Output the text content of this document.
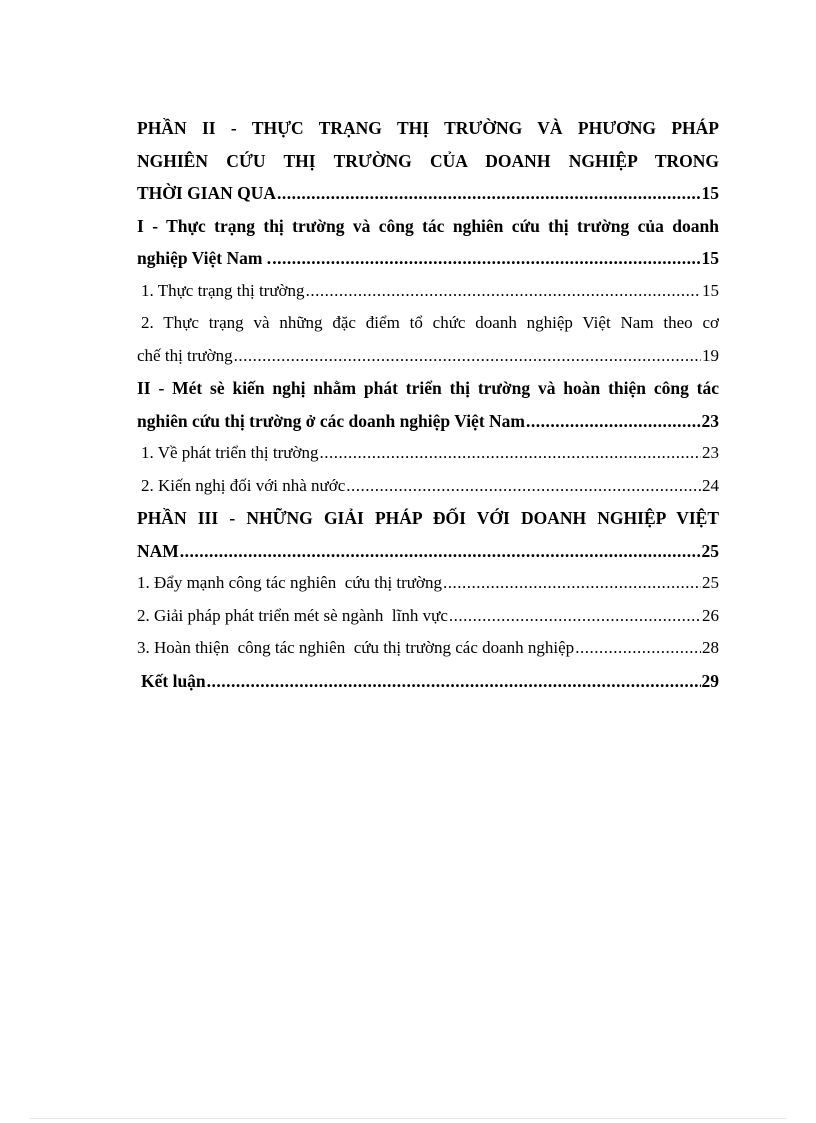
PHẦN II - THỰC TRẠNG THỊ TRƯỜNG VÀ PHƯƠNG PHÁP
NGHIÊN CỨU THỊ TRƯỜNG CỦA DOANH NGHIỆP TRONG
THỜI GIAN QUA .....	15
I - Thực trạng thị trường và công tác nghiên cứu thị trường của doanh
nghiệp Việt Nam . .....	15
1. Thực trạng thị trường .....	15
2. Thực trạng và những đặc điểm tổ chức doanh nghiệp Việt Nam theo cơ
chế thị trường .....	19
II - Mét sè kiến nghị nhằm phát triển thị trường và hoàn thiện công tác
nghiên cứu thị trường ở các doanh nghiệp Việt Nam .....	23
1. Về phát triển thị trường .....	23
2. Kiến nghị đối với nhà nước .....	24
PHẦN III - NHỮNG GIẢI PHÁP ĐỐI VỚI DOANH NGHIỆP VIỆT
NAM .....	25
1. Đẩy mạnh công tác nghiên  cứu thị trường .....	25
2. Giải pháp phát triển mét sè ngành  lĩnh vực .....	26
3. Hoàn thiện  công tác nghiên  cứu thị trường các doanh nghiệp .....	28
Kết luận .....	29
